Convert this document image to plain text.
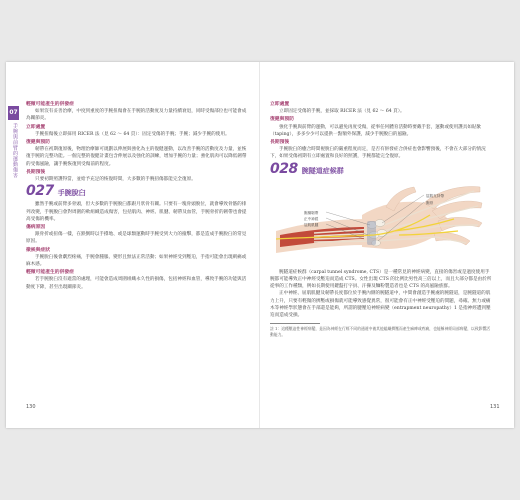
07
手腕與前臂的運動傷害
輕微可能產生的併發症

如果沒有妥善治療，中度到重度的手腕扭傷會在手腕的活動度及力量持續衰退，同時受傷部位也可能會成為關節炎。

立即處置

手腕扭傷後立即採用 RICER 法（見 62 ～ 64 頁）：固定受傷的手腕；手腕；減少手腕的使用。

復健與預防

韌帶在初期復原後，物理治療師可規劃以伸展與強化為主的復健運動，以改善手腕的活動度及力量，並恢復手腕的完整功能。一個完整的復健計畫包含伸展以及強化的訓練，增加手腕的力量；強化肌肉可以降低韌帶的受傷風險，讓手腕恢復到受傷前的程度。

長期預後

只要初期照護得當，並給予充足的恢復時間，大多數的手腕扭傷都能完全復原。

027 手腕脫臼

雖然手腕或前臂多骨頭，但大多數的手腕脫臼都跟月狀骨有關。只要有一塊骨頭脫位，就會導致骨骼的排列改變，手腕脫臼會對周圍的軟組織造成傷害，包括肌肉、神經、肌腱、韌帶及血管，手腕骨折的韌帶也會提高受傷的機率。

傷病原因

跟骨折或扭傷一樣，在跌倒時以手撐地、或是球類運動時手腕受到大力的撞擊，都是造成手腕脫臼的常見原因。

徵候與症狀

手腕脫臼後會劇烈疼痛，手腕會腫脹、變形且無法正常活動；如果神經受到壓迫，手指可能會出現刺痛或麻木感。

輕微可能產生的併發症

若手腕脫臼沒有適當的處理，可能會造成周圍組織永久性的損傷，包括神經和血管，導致手腕的功能與活動度下降，甚至出現關節炎。

立即處置

立即固定受傷的手腕，並採取 RICER 法（見 62 ～ 64 頁）。

復健與預防

強化手腕與前臂的運動，可以避免再度受傷，從事任何體育活動時要戴手套，運動或使用護具如貼紮（taping），多多少少可以提供一點額外保護，減少手腕脫臼的風險。

長期預後

手腕脫臼的癒合時間視脫臼的嚴重程度而定，是否有併發症合併症也會影響預後，不會在大部分的情況下，如果受傷初期有立即處置和良好的照護，手腕都能完全復原。

028 腕隧道症候群
腕橫韌帶
正中神經
屈肌肌腱
屈肌支持帶
腕骨

腕隧道症候群（carpal tunnel syndrome, CTS）是一種常見的神經病變，直接的傷害或是過度使用手腕都可能導致正中神經受壓迫而造成 CTS。女性出現 CTS 的比例比男性高三倍以上，而且大部分都是由於所從事的工作種類，例如長期使用鍵盤打字員、汗操及麵粉製造者也是 CTS 的高風險族群。

正中神經、屈肌肌腱及韌帶長度都位於手腕內側的腕隧道中，中間會創造手腕處的腕隧道，是腕隧道的肌力上升，只要有輕微的擠壓或損傷就可能導致感覺異常，很可能會有正中神經受壓迫的問題，尋確。無力或痛木等神經學狀態會在手部還是能夠，所謂的腱壓迫神經病變（entrapment neuropathy）1 是指神經遭到壓迫而造成受損。

註 1：這種壓迫性神經病變，是因為神經在行經不同的通道中被其他組織擠壓而產生麻痺或疼痛，也能稱神經局部病變，以致影響活動能力。
130	131
